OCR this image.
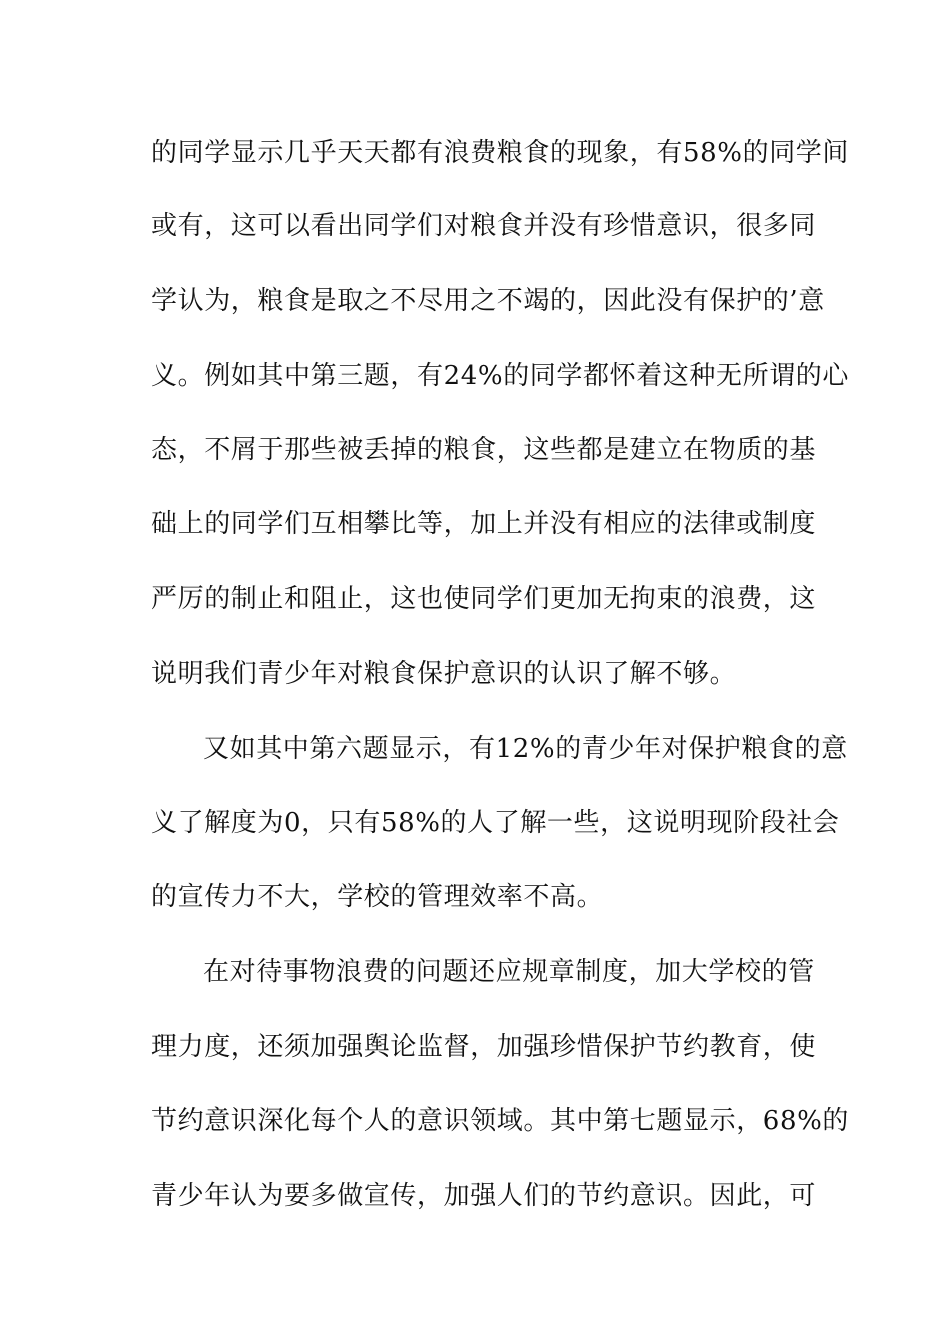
的同学显示几乎天天都有浪费粮食的现象，有58%的同学间
或有，这可以看出同学们对粮食并没有珍惜意识，很多同
学认为，粮食是取之不尽用之不竭的，因此没有保护的’意
义。例如其中第三题，有24%的同学都怀着这种无所谓的心
态，不屑于那些被丢掉的粮食，这些都是建立在物质的基
础上的同学们互相攀比等，加上并没有相应的法律或制度
严厉的制止和阻止，这也使同学们更加无拘束的浪费，这
说明我们青少年对粮食保护意识的认识了解不够。
又如其中第六题显示，有12%的青少年对保护粮食的意
义了解度为0，只有58%的人了解一些，这说明现阶段社会
的宣传力不大，学校的管理效率不高。
在对待事物浪费的问题还应规章制度，加大学校的管
理力度，还须加强舆论监督，加强珍惜保护节约教育，使
节约意识深化每个人的意识领域。其中第七题显示，68%的
青少年认为要多做宣传，加强人们的节约意识。因此，可
